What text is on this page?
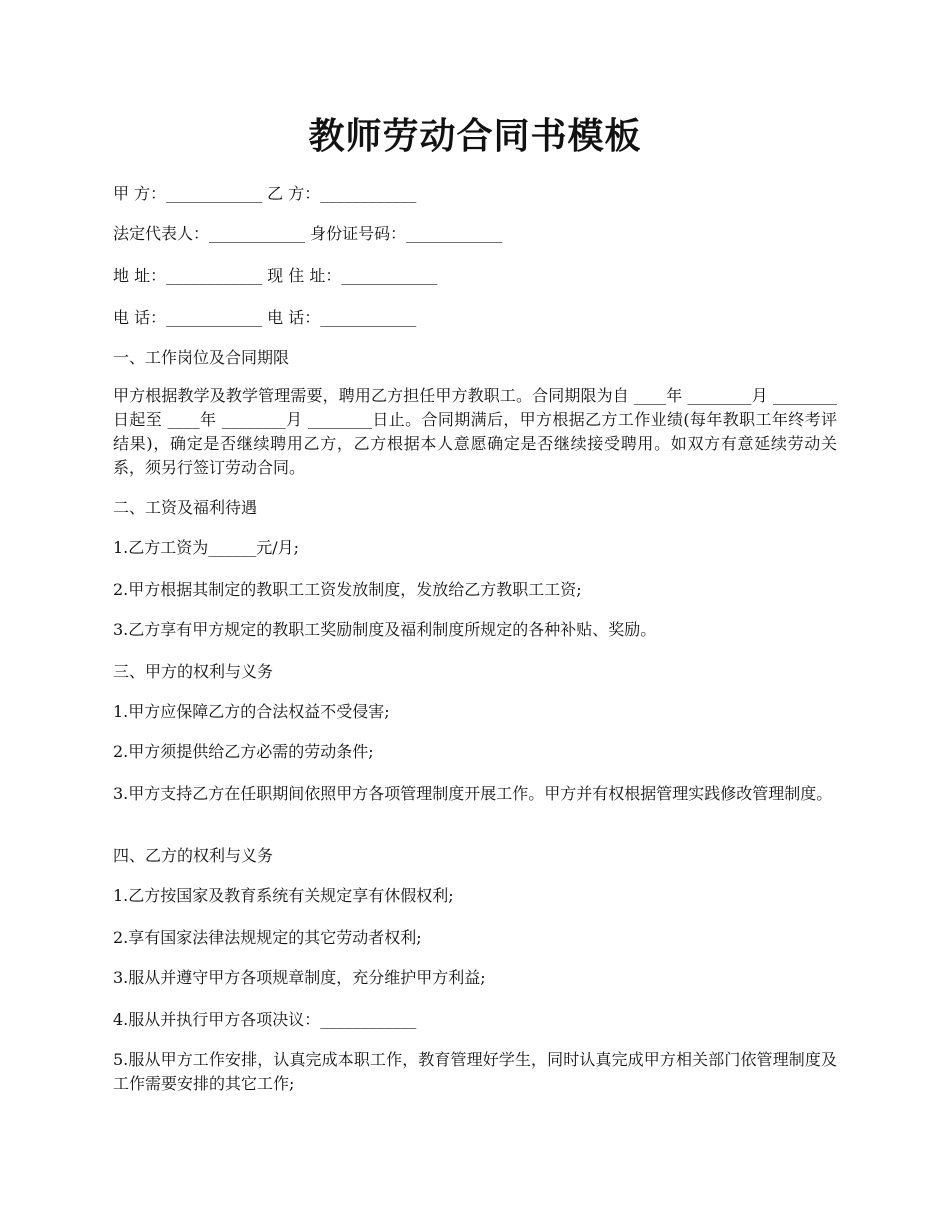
教师劳动合同书模板
甲 方：____________ 乙 方：____________
法定代表人：____________ 身份证号码：____________
地 址：____________ 现 住 址：____________
电 话：____________ 电 话：____________
一、工作岗位及合同期限
甲方根据教学及教学管理需要，聘用乙方担任甲方教职工。合同期限为自 ____年 ________月 ________日起至 ____年 ________月 ________日止。合同期满后，甲方根据乙方工作业绩(每年教职工年终考评结果)，确定是否继续聘用乙方，乙方根据本人意愿确定是否继续接受聘用。如双方有意延续劳动关系，须另行签订劳动合同。
二、工资及福利待遇
1.乙方工资为______元/月;
2.甲方根据其制定的教职工工资发放制度，发放给乙方教职工工资;
3.乙方享有甲方规定的教职工奖励制度及福利制度所规定的各种补贴、奖励。
三、甲方的权利与义务
1.甲方应保障乙方的合法权益不受侵害;
2.甲方须提供给乙方必需的劳动条件;
3.甲方支持乙方在任职期间依照甲方各项管理制度开展工作。甲方并有权根据管理实践修改管理制度。
四、乙方的权利与义务
1.乙方按国家及教育系统有关规定享有休假权利;
2.享有国家法律法规规定的其它劳动者权利;
3.服从并遵守甲方各项规章制度，充分维护甲方利益;
4.服从并执行甲方各项决议：____________
5.服从甲方工作安排，认真完成本职工作，教育管理好学生，同时认真完成甲方相关部门依管理制度及工作需要安排的其它工作;
